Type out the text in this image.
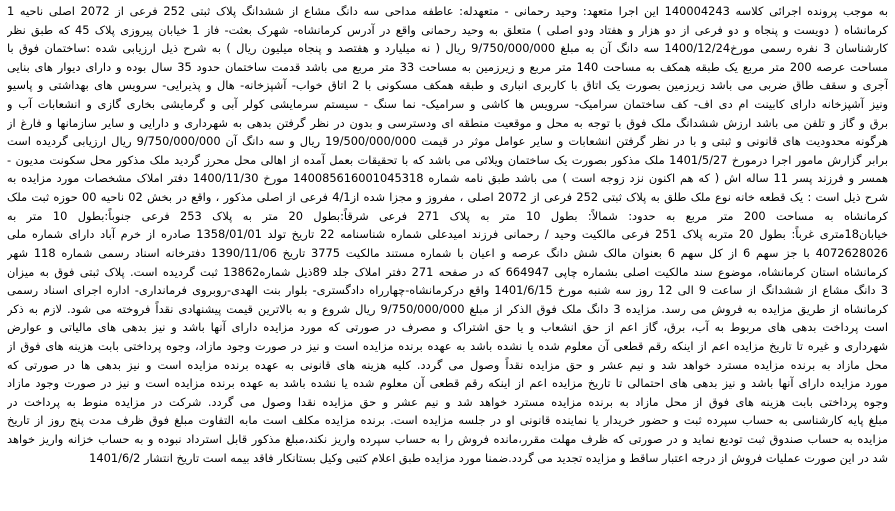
به موجب پرونده اجرائی کلاسه 140004243 این اجرا متعهد: وحید رحمانی - متعهدله: عاطفه مداحی سه دانگ مشاع از ششدانگ پلاک ثبتی 252 فرعی از 2072 اصلی ناحیه 1
کرمانشاه ( دویست و پنجاه و دو فرعی از دو هزار و هفتاد ودو اصلی ) متعلق به وحید رحمانی واقع در آدرس کرمانشاه- شهرک بعثت- فاز 1 خیابان پیروزی پلاک 45 که طبق نظر
کارشناسان 3 نفره رسمی مورخ1400/12/24 سه دانگ آن به مبلغ 9/750/000/000 ریال ( نه میلیارد و هفتصد و پنجاه میلیون ریال ) به شرح ذیل ارزیابی شده :ساختمان فوق با
مساحت عرصه 200 متر مربع یک طبقه همکف به مساحت 140 متر مربع و زیرزمین به مساحت 33 متر مربع می باشد قدمت ساختمان حدود 35 سال بوده و دارای دیوار های بنایی
آجری و سقف طاق ضربی می باشد زیرزمین بصورت یک اتاق با کاربری انباری و طبقه همکف مسکونی با 2 اتاق خواب- آشپزخانه- هال و پذیرایی- سرویس های بهداشتی و پاسیو
ونیز آشپزخانه دارای کابینت ام دی اف- کف ساختمان سرامیک- سرویس ها کاشی و سرامیک- نما سنگ - سیستم سرمایشی کولر آبی و گرمایشی بخاری گازی و انشعابات آب و
برق و گاز و تلفن می باشد ارزش ششدانگ ملک فوق با توجه به محل و موقعیت منطقه ای ودسترسی و بدون در نظر گرفتن بدهی به شهرداری و دارایی و سایر سازمانها و فارغ از
هرگونه محدودیت های قانونی و ثبتی و با در نظر گرفتن انشعابات و سایر عوامل موثر در قیمت 19/500/000/000 ریال و سه دانگ آن 9/750/000/000 ریال ارزیابی گردیده است
برابر گزارش مامور اجرا درمورخ 1401/5/27 ملک مذکور بصورت یک ساختمان ویلائی می باشد که با تحقیقات بعمل آمده از اهالی محل محرز گردید ملک مذکور محل سکونت مدیون -
همسر و فرزند پسر 11 ساله اش ( که هم اکنون نزد زوجه است ) می باشد طبق نامه شماره 140085616001045318 مورخ 1400/11/30 دفتر املاک مشخصات مورد مزایده به
شرح ذیل است : یک قطعه خانه نوع ملک طلق به پلاک ثبتی 252 فرعی از 2072 اصلی ، مفروز و مجزا شده از4/1 فرعی از اصلی مذکور ، واقع در بخش 02 ناحیه 00 حوزه ثبت ملک
کرمانشاه به مساحت 200 متر مربع به حدود: شمالاً: بطول 10 متر به پلاک 271 فرعی شرقاً:بطول 20 متر به پلاک 253 فرعی جنوباً:بطول 10 متر به
خیابان18متری غرباً: بطول 20 متربه پلاک 251 فرعی مالکیت وحید / رحمانی فرزند امیدعلی شماره شناسنامه 22 تاریخ تولد 1358/01/01 صادره از خرم آباد دارای شماره ملی
4072628026 با جز سهم 6 از کل سهم 6 بعنوان مالک شش دانگ عرصه و اعیان با شماره مستند مالکیت 3775 تاریخ 1390/11/06 دفترخانه اسناد رسمی شماره 118 شهر
کرمانشاه استان کرمانشاه، موضوع سند مالکیت اصلی بشماره چاپی 664947 که در صفحه 271 دفتر املاک جلد 89ذیل شماره13862 ثبت گردیده است. پلاک ثبتی فوق به میزان
3 دانگ مشاع از ششدانگ از ساعت 9 الی 12 روز سه شنبه مورخ 1401/6/15 واقع درکرمانشاه-چهارراه دادگستری- بلوار بنت الهدی-روبروی فرمانداری- اداره اجرای اسناد رسمی
کرمانشاه از طریق مزایده به فروش می رسد. مزایده 3 دانگ ملک فوق الذکر از مبلغ 9/750/000/000 ریال شروع و به بالاترین قیمت پیشنهادی نقداً فروخته می شود. لازم به ذکر
است پرداخت بدهی های مربوط به آب، برق، گاز اعم از حق انشعاب و یا حق اشتراک و مصرف در صورتی که مورد مزایده دارای آنها باشد و نیز بدهی های مالیاتی و عوارض
شهرداری و غیره تا تاریخ مزایده اعم از اینکه رقم قطعی آن معلوم شده یا نشده باشد به عهده برنده مزایده است و نیز در صورت وجود مازاد، وجوه پرداختی بابت هزینه های فوق از
محل مازاد به برنده مزایده مسترد خواهد شد و نیم عشر و حق مزایده نقداً وصول می گردد. کلیه هزینه های قانونی به عهده برنده مزایده است و نیز بدهی ها در صورتی که
مورد مزایده دارای آنها باشد و نیز بدهی های احتمالی تا تاریخ مزایده اعم از اینکه رقم قطعی آن معلوم شده یا نشده باشد به عهده برنده مزایده است و نیز در صورت وجود مازاد
وجوه پرداختی بابت هزینه های فوق از محل مازاد به برنده مزایده مسترد خواهد شد و نیم عشر و حق مزایده نقدا وصول می گردد. شرکت در مزایده منوط به پرداخت در
مبلغ پایه کارشناسی به حساب سپرده ثبت و حضور خریدار یا نماینده قانونی او در جلسه مزایده است. برنده مزایده مکلف است مابه التفاوت مبلغ فوق ظرف مدت پنج روز از تاریخ
مزایده به حساب صندوق ثبت تودیع نماید و در صورتی که ظرف مهلت مقرر،مانده فروش را به حساب سپرده واریز نکند،مبلغ مذکور قابل استرداد نبوده و به حساب خزانه واریز خواهد
شد در این صورت عملیات فروش از درجه اعتبار ساقط و مزایده تجدید می گردد.ضمنا مورد مزایده طبق اعلام کتبی وکیل بستانکار فاقد بیمه است تاریخ انتشار 1401/6/2
